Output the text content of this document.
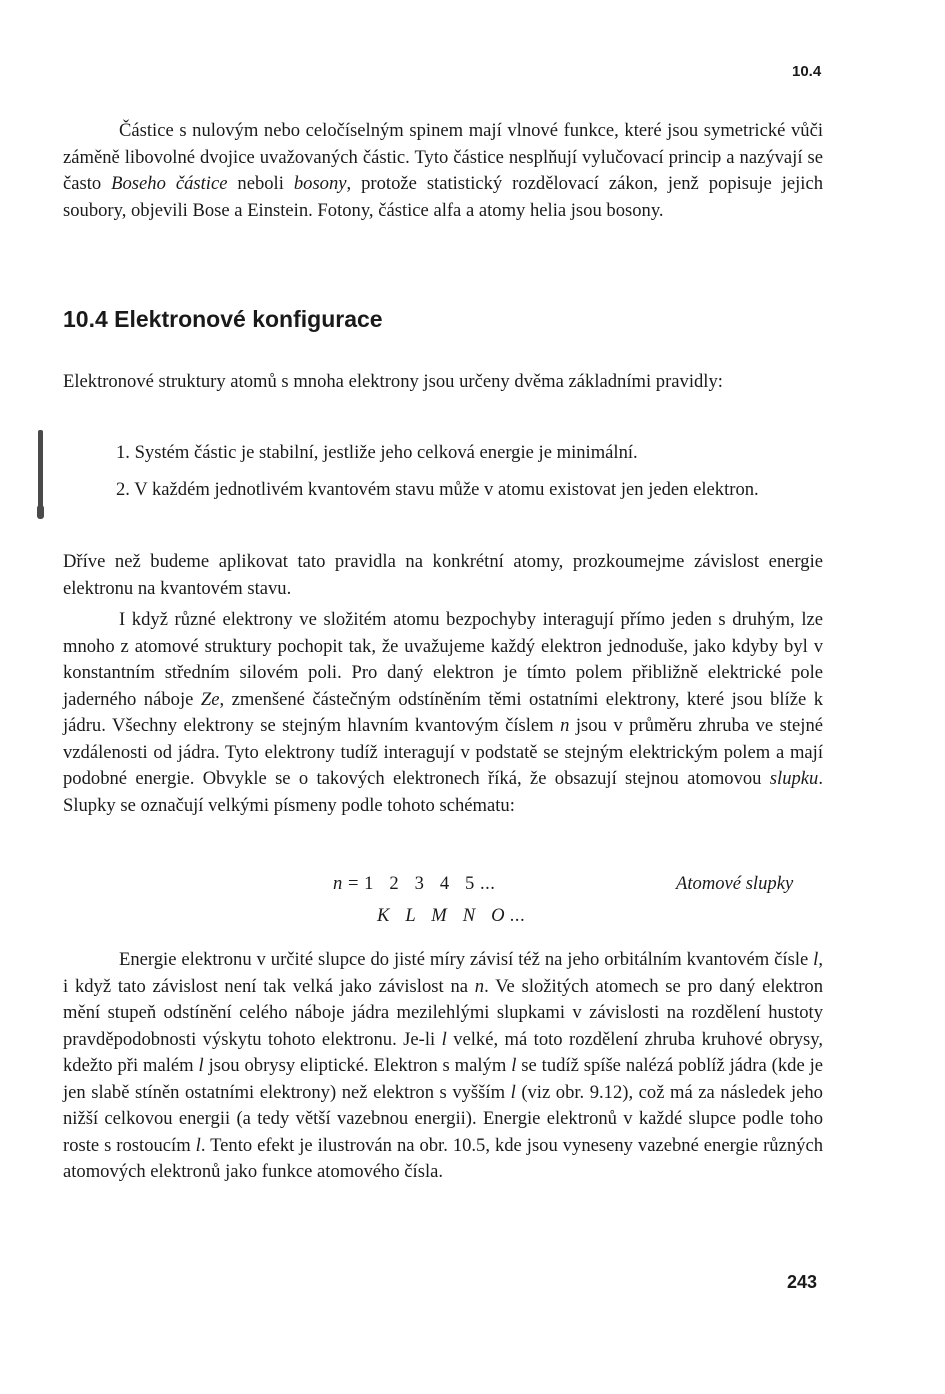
10.4

Částice s nulovým nebo celočíselným spinem mají vlnové funkce, které jsou symetrické vůči záměně libovolné dvojice uvažovaných částic. Tyto částice nesplňují vylučovací princip a nazývají se často Boseho částice neboli bosony, protože statistický rozdělovací zákon, jenž popisuje jejich soubory, objevili Bose a Einstein. Fotony, částice alfa a atomy helia jsou bosony.

10.4 Elektronové konfigurace

Elektronové struktury atomů s mnoha elektrony jsou určeny dvěma základními pravidly:

1. Systém částic je stabilní, jestliže jeho celková energie je minimální.
2. V každém jednotlivém kvantovém stavu může v atomu existovat jen jeden elektron.

Dříve než budeme aplikovat tato pravidla na konkrétní atomy, prozkoumejme závislost energie elektronu na kvantovém stavu.

I když různé elektrony ve složitém atomu bezpochyby interagují přímo jeden s druhým, lze mnoho z atomové struktury pochopit tak, že uvažujeme každý elektron jednoduše, jako kdyby byl v konstantním středním silovém poli. Pro daný elektron je tímto polem přibližně elektrické pole jaderného náboje Ze, zmenšené částečným odstíněním těmi ostatními elektrony, které jsou blíže k jádru. Všechny elektrony se stejným hlavním kvantovým číslem n jsou v průměru zhruba ve stejné vzdálenosti od jádra. Tyto elektrony tudíž interagují v podstatě se stejným elektrickým polem a mají podobné energie. Obvykle se o takových elektronech říká, že obsazují stejnou atomovou slupku. Slupky se označují velkými písmeny podle tohoto schématu:

n = 1   2   3   4   5 ...
K   L   M   N   O ...
Atomové slupky

Energie elektronu v určité slupce do jisté míry závisí též na jeho orbitálním kvantovém čísle l, i když tato závislost není tak velká jako závislost na n. Ve složitých atomech se pro daný elektron mění stupeň odstínění celého náboje jádra mezilehlými slupkami v závislosti na rozdělení hustoty pravděpodobnosti výskytu tohoto elektronu. Je-li l velké, má toto rozdělení zhruba kruhové obrysy, kdežto při malém l jsou obrysy eliptické. Elektron s malým l se tudíž spíše nalézá poblíž jádra (kde je jen slabě stíněn ostatními elektrony) než elektron s vyšším l (viz obr. 9.12), což má za následek jeho nižší celkovou energii (a tedy větší vazebnou energii). Energie elektronů v každé slupce podle toho roste s rostoucím l. Tento efekt je ilustrován na obr. 10.5, kde jsou vyneseny vazebné energie různých atomových elektronů jako funkce atomového čísla.

243
